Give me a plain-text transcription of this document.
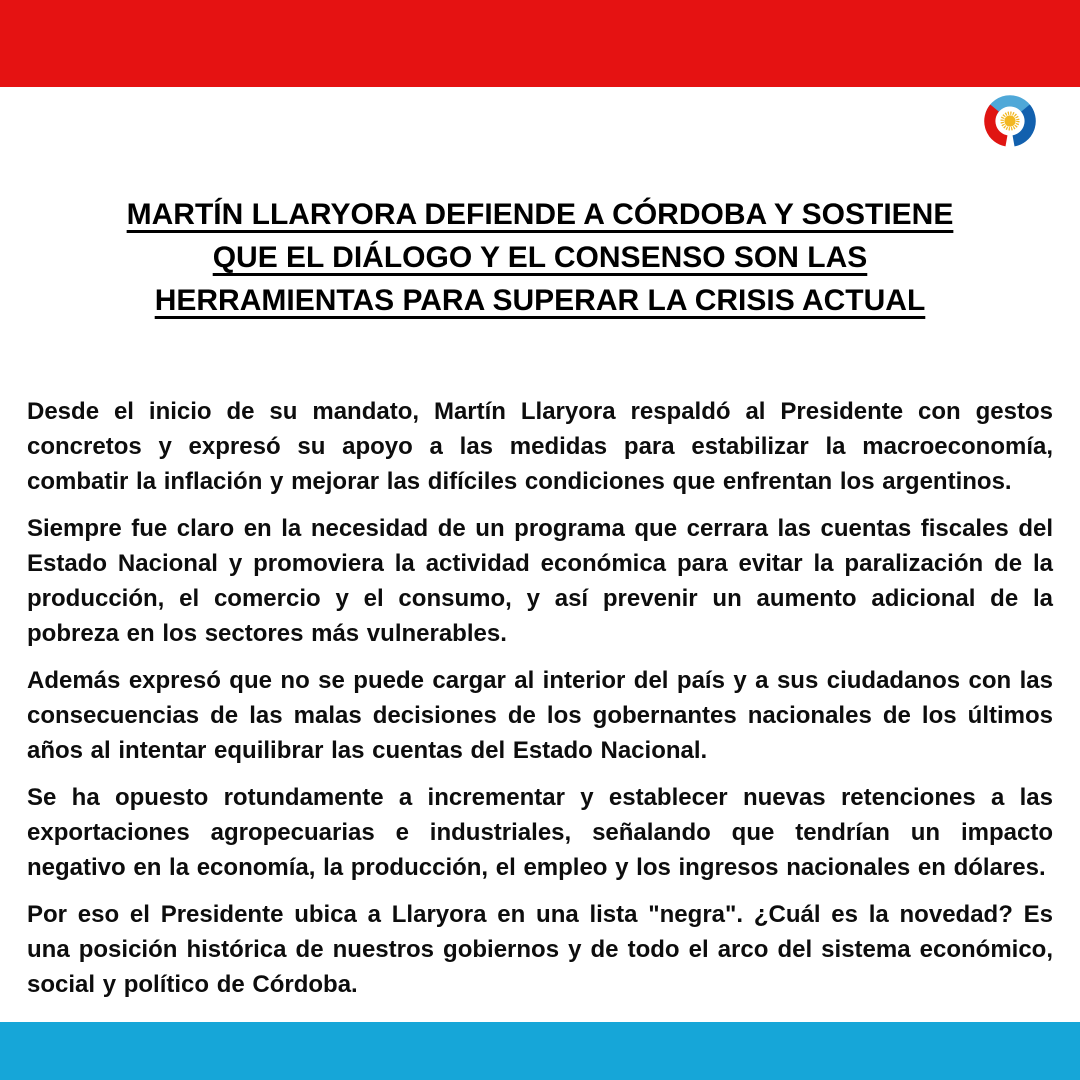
MARTÍN LLARYORA DEFIENDE A CÓRDOBA Y SOSTIENE
QUE EL DIÁLOGO Y EL CONSENSO SON LAS
HERRAMIENTAS PARA SUPERAR LA CRISIS ACTUAL

Desde el inicio de su mandato, Martín Llaryora respaldó al Presidente con gestos concretos y expresó su apoyo a las medidas para estabilizar la macroeconomía, combatir la inflación y mejorar las difíciles condiciones que enfrentan los argentinos.

Siempre fue claro en la necesidad de un programa que cerrara las cuentas fiscales del Estado Nacional y promoviera la actividad económica para evitar la paralización de la producción, el comercio y el consumo, y así prevenir un aumento adicional de la pobreza en los sectores más vulnerables.

Además expresó que no se puede cargar al interior del país y a sus ciudadanos con las consecuencias de las malas decisiones de los gobernantes nacionales de los últimos años al intentar equilibrar las cuentas del Estado Nacional.

Se ha opuesto rotundamente a incrementar y establecer nuevas retenciones a las exportaciones agropecuarias e industriales, señalando que tendrían un impacto negativo en la economía, la producción, el empleo y los ingresos nacionales en dólares.

Por eso el Presidente ubica a Llaryora en una lista "negra". ¿Cuál es la novedad? Es una posición histórica de nuestros gobiernos y de todo el arco del sistema económico, social y político de Córdoba.
